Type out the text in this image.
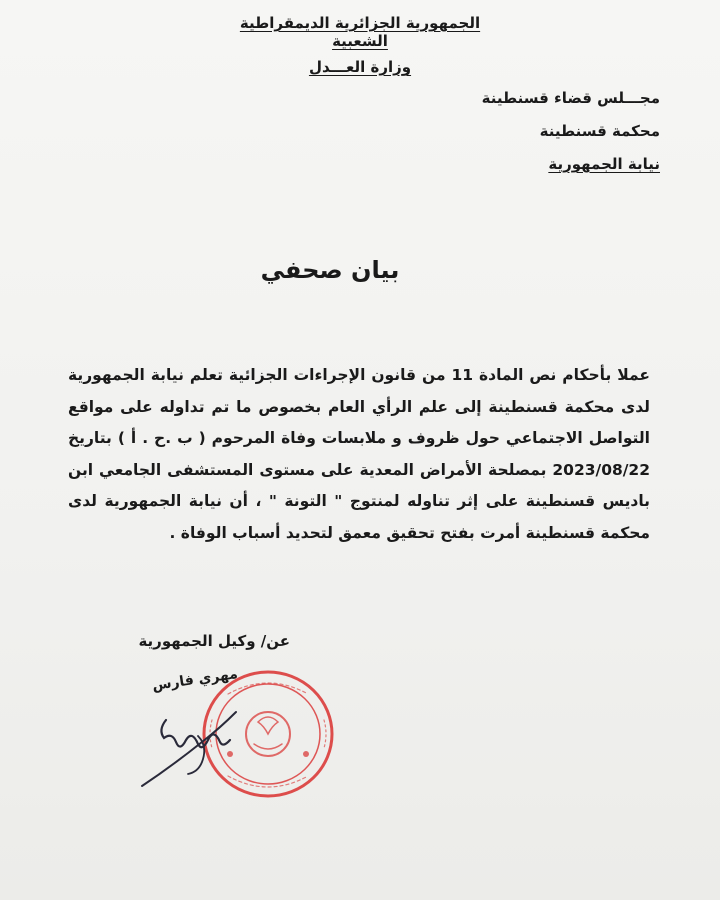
الجمهورية الجزائرية الديمقراطية الشعبية
وزارة العـــدل
مجـــلس قضاء قسنطينة
محكمة قسنطينة
نيابة الجمهورية
بيان صحفي
عملا بأحكام نص المادة 11 من قانون الإجراءات الجزائية تعلم نيابة الجمهورية لدى محكمة قسنطينة إلى علم الرأي العام بخصوص ما تم تداوله على مواقع التواصل الاجتماعي حول ظروف و ملابسات وفاة المرحوم ( ب .ح . أ ) بتاريخ 2023/08/22 بمصلحة الأمراض المعدية على مستوى المستشفى الجامعي ابن باديس قسنطينة على إثر تناوله لمنتوج " التونة " ، أن نيابة الجمهورية لدى محكمة قسنطينة أمرت بفتح تحقيق معمق لتحديد أسباب الوفاة .
عن/ وكيل الجمهورية
مهري فارس
